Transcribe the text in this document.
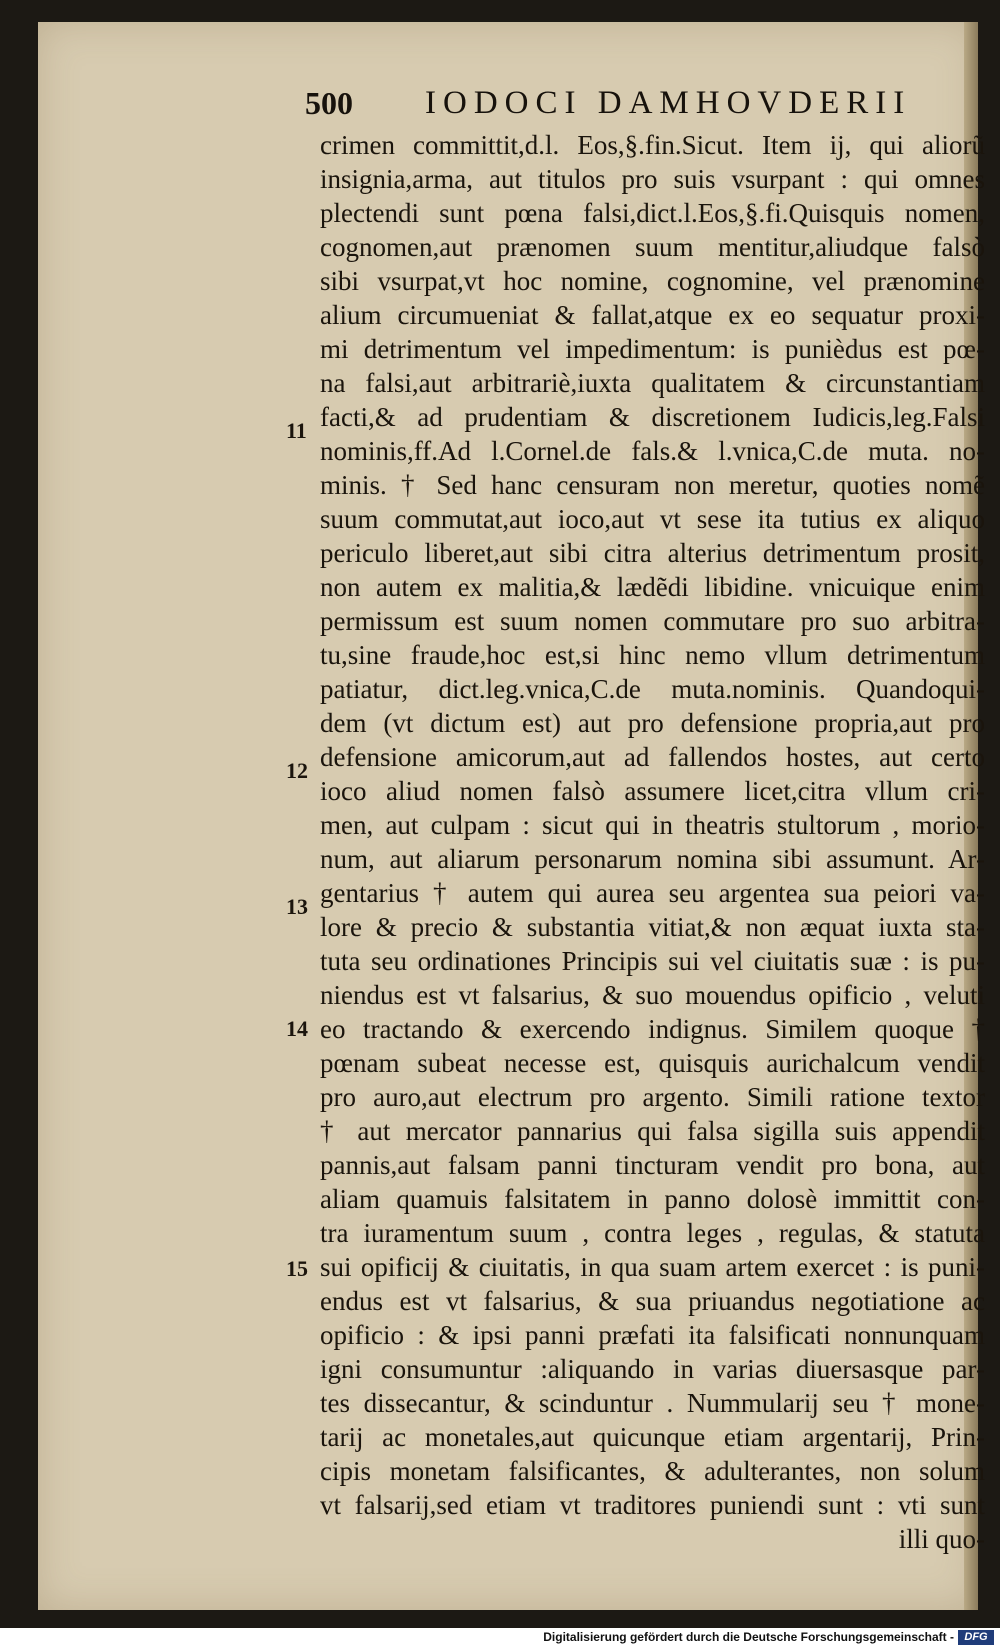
500 IODOCI DAMHOVDERII
11
12
13
14
15
crimen committit,d.l. Eos,§.fin.Sicut. Item ij, qui aliorũ
insignia,arma, aut titulos pro suis vsurpant : qui omnes
plectendi sunt pœna falsi,dict.l.Eos,§.fi.Quisquis nomen,
cognomen,aut prænomen suum mentitur,aliudque falsò
sibi vsurpat,vt hoc nomine, cognomine, vel prænomine
alium circumueniat & fallat,atque ex eo sequatur proxi-
mi detrimentum vel impedimentum: is punièdus est pœ-
na falsi,aut arbitrariè,iuxta qualitatem & circunstantiam
facti,& ad prudentiam & discretionem Iudicis,leg.Falsi
nominis,ff.Ad l.Cornel.de fals.& l.vnica,C.de muta. no-
minis. † Sed hanc censuram non meretur, quoties nomẽ
suum commutat,aut ioco,aut vt sese ita tutius ex aliquo
periculo liberet,aut sibi citra alterius detrimentum prosit,
non autem ex malitia,& lædẽdi libidine. vnicuique enim
permissum est suum nomen commutare pro suo arbitra-
tu,sine fraude,hoc est,si hinc nemo vllum detrimentum
patiatur, dict.leg.vnica,C.de muta.nominis. Quandoqui-
dem (vt dictum est) aut pro defensione propria,aut pro
defensione amicorum,aut ad fallendos hostes, aut certo
ioco aliud nomen falsò assumere licet,citra vllum cri-
men, aut culpam : sicut qui in theatris stultorum , morio-
num, aut aliarum personarum nomina sibi assumunt. Ar-
gentarius † autem qui aurea seu argentea sua peiori va-
lore & precio & substantia vitiat,& non æquat iuxta sta-
tuta seu ordinationes Principis sui vel ciuitatis suæ : is pu-
niendus est vt falsarius, & suo mouendus opificio , veluti
eo tractando & exercendo indignus. Similem quoque †
pœnam subeat necesse est, quisquis aurichalcum vendit
pro auro,aut electrum pro argento. Simili ratione textor
† aut mercator pannarius qui falsa sigilla suis appendit
pannis,aut falsam panni tincturam vendit pro bona, aut
aliam quamuis falsitatem in panno dolosè immittit con-
tra iuramentum suum , contra leges , regulas, & statuta
sui opificij & ciuitatis, in qua suam artem exercet : is puni-
endus est vt falsarius, & sua priuandus negotiatione ac
opificio : & ipsi panni præfati ita falsificati nonnunquam
igni consumuntur :aliquando in varias diuersasque par-
tes dissecantur, & scinduntur . Nummularij seu † mone-
tarij ac monetales,aut quicunque etiam argentarij, Prin-
cipis monetam falsificantes, & adulterantes, non solum
vt falsarij,sed etiam vt traditores puniendi sunt : vti sunt
illi quo-
Digitalisierung gefördert durch die Deutsche Forschungsgemeinschaft - DFG
